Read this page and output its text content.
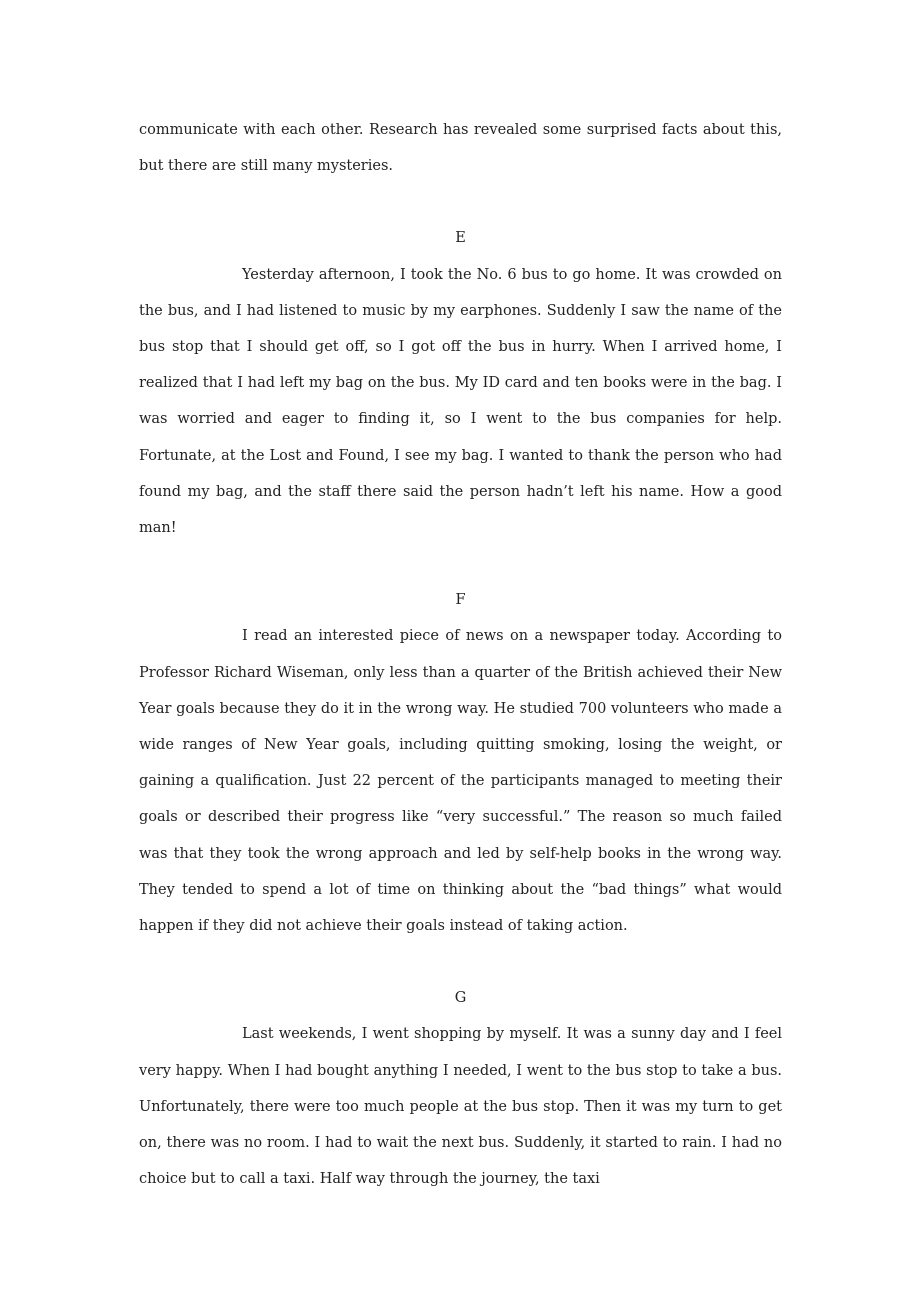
communicate with each other. Research has revealed some surprised facts about this, but there are still many mysteries.

E

Yesterday afternoon, I took the No. 6 bus to go home. It was crowded on the bus, and I had listened to music by my earphones. Suddenly I saw the name of the bus stop that I should get off, so I got off the bus in hurry. When I arrived home, I realized that I had left my bag on the bus. My ID card and ten books were in the bag. I was worried and eager to finding it, so I went to the bus companies for help. Fortunate, at the Lost and Found, I see my bag. I wanted to thank the person who had found my bag, and the staff there said the person hadn’t left his name. How a good man!

F

I read an interested piece of news on a newspaper today. According to Professor Richard Wiseman, only less than a quarter of the British achieved their New Year goals because they do it in the wrong way. He studied 700 volunteers who made a wide ranges of New Year goals, including quitting smoking, losing the weight, or gaining a qualification. Just 22 percent of the participants managed to meeting their goals or described their progress like “very successful.” The reason so much failed was that they took the wrong approach and led by self-help books in the wrong way. They tended to spend a lot of time on thinking about the “bad things” what would happen if they did not achieve their goals instead of taking action.

G

Last weekends, I went shopping by myself. It was a sunny day and I feel very happy. When I had bought anything I needed, I went to the bus stop to take a bus. Unfortunately, there were too much people at the bus stop. Then it was my turn to get on, there was no room. I had to wait the next bus. Suddenly, it started to rain. I had no choice but to call a taxi. Half way through the journey, the taxi
